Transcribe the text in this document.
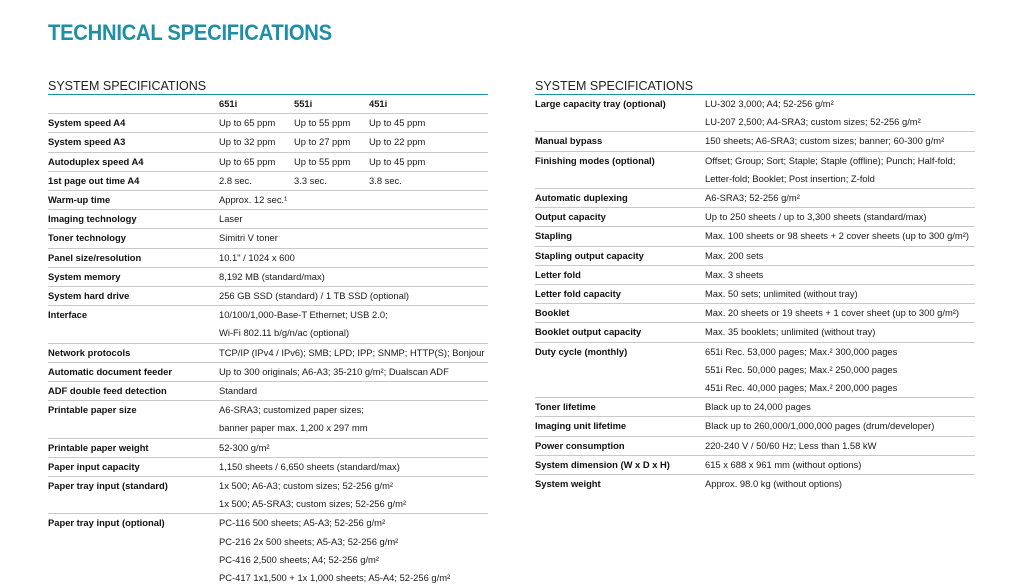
TECHNICAL SPECIFICATIONS
SYSTEM SPECIFICATIONS
	651i 551i 451i
System speed A4	Up to 65 ppm Up to 55 ppm Up to 45 ppm
System speed A3	Up to 32 ppm Up to 27 ppm Up to 22 ppm
Autoduplex speed A4	Up to 65 ppm Up to 55 ppm Up to 45 ppm
1st page out time A4	2.8 sec. 3.3 sec. 3.8 sec.
Warm-up time	Approx. 12 sec.¹
Imaging technology	Laser
Toner technology	Simitri V toner
Panel size/resolution	10.1" / 1024 x 600
System memory	8,192 MB (standard/max)
System hard drive	256 GB SSD (standard) / 1 TB SSD (optional)
Interface	10/100/1,000-Base-T Ethernet; USB 2.0;
	Wi-Fi 802.11 b/g/n/ac (optional)
Network protocols	TCP/IP (IPv4 / IPv6); SMB; LPD; IPP; SNMP; HTTP(S); Bonjour
Automatic document feeder	Up to 300 originals; A6-A3; 35-210 g/m²; Dualscan ADF
ADF double feed detection	Standard
Printable paper size	A6-SRA3; customized paper sizes;
	banner paper max. 1,200 x 297 mm
Printable paper weight	52-300 g/m²
Paper input capacity	1,150 sheets / 6,650 sheets (standard/max)
Paper tray input (standard)	1x 500; A6-A3; custom sizes; 52-256 g/m²
	1x 500; A5-SRA3; custom sizes; 52-256 g/m²
Paper tray input (optional)	PC-116 500 sheets; A5-A3; 52-256 g/m²
	PC-216 2x 500 sheets; A5-A3; 52-256 g/m²
	PC-416 2,500 sheets; A4; 52-256 g/m²
	PC-417 1x1,500 + 1x 1,000 sheets; A5-A4; 52-256 g/m²
SYSTEM SPECIFICATIONS
Large capacity tray (optional)	LU-302 3,000; A4; 52-256 g/m²
	LU-207 2,500; A4-SRA3; custom sizes; 52-256 g/m²
Manual bypass	150 sheets; A6-SRA3; custom sizes; banner; 60-300 g/m²
Finishing modes (optional)	Offset; Group; Sort; Staple; Staple (offline); Punch; Half-fold;
	Letter-fold; Booklet; Post insertion; Z-fold
Automatic duplexing	A6-SRA3; 52-256 g/m²
Output capacity	Up to 250 sheets / up to 3,300 sheets (standard/max)
Stapling	Max. 100 sheets or 98 sheets + 2 cover sheets (up to 300 g/m²)
Stapling output capacity	Max. 200 sets
Letter fold	Max. 3 sheets
Letter fold capacity	Max. 50 sets; unlimited (without tray)
Booklet	Max. 20 sheets or 19 sheets + 1 cover sheet (up to 300 g/m²)
Booklet output capacity	Max. 35 booklets; unlimited (without tray)
Duty cycle (monthly)	651i Rec. 53,000 pages; Max.² 300,000 pages
	551i Rec. 50,000 pages; Max.² 250,000 pages
	451i Rec. 40,000 pages; Max.² 200,000 pages
Toner lifetime	Black up to 24,000 pages
Imaging unit lifetime	Black up to 260,000/1,000,000 pages (drum/developer)
Power consumption	220-240 V / 50/60 Hz; Less than 1.58 kW
System dimension (W x D x H)	615 x 688 x 961 mm (without options)
System weight	Approx. 98.0 kg (without options)
